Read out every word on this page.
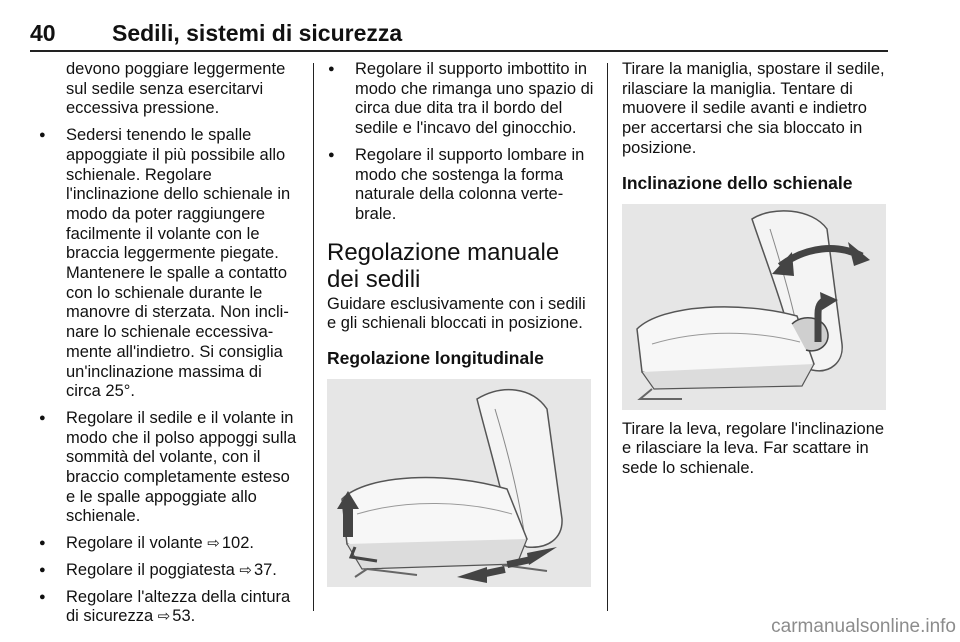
40 Sedili, sistemi di sicurezza

devono poggiare leggermente sul sedile senza esercitarvi eccessiva pressione.

● Sedersi tenendo le spalle appoggiate il più possibile allo schienale. Regolare l'inclinazione dello schienale in modo da poter raggiungere facilmente il volante con le braccia leggermente piegate. Mantenere le spalle a contatto con lo schienale durante le manovre di sterzata. Non inclinare lo schienale eccessivamente all'indietro. Si consiglia un'inclinazione massima di circa 25°.
● Regolare il sedile e il volante in modo che il polso appoggi sulla sommità del volante, con il braccio completamente esteso e le spalle appoggiate allo schienale.
● Regolare il volante ⇨ 102.
● Regolare il poggiatesta ⇨ 37.
● Regolare l'altezza della cintura di sicurezza ⇨ 53.
● Regolare il supporto imbottito in modo che rimanga uno spazio di circa due dita tra il bordo del sedile e l'incavo del ginocchio.
● Regolare il supporto lombare in modo che sostenga la forma naturale della colonna vertebrale.
Regolazione manuale dei sedili

Guidare esclusivamente con i sedili e gli schienali bloccati in posizione.

Regolazione longitudinale

Tirare la maniglia, spostare il sedile, rilasciare la maniglia. Tentare di muovere il sedile avanti e indietro per accertarsi che sia bloccato in posizione.

Inclinazione dello schienale

Tirare la leva, regolare l'inclinazione e rilasciare la leva. Far scattare in sede lo schienale.

carmanualsonline.info
